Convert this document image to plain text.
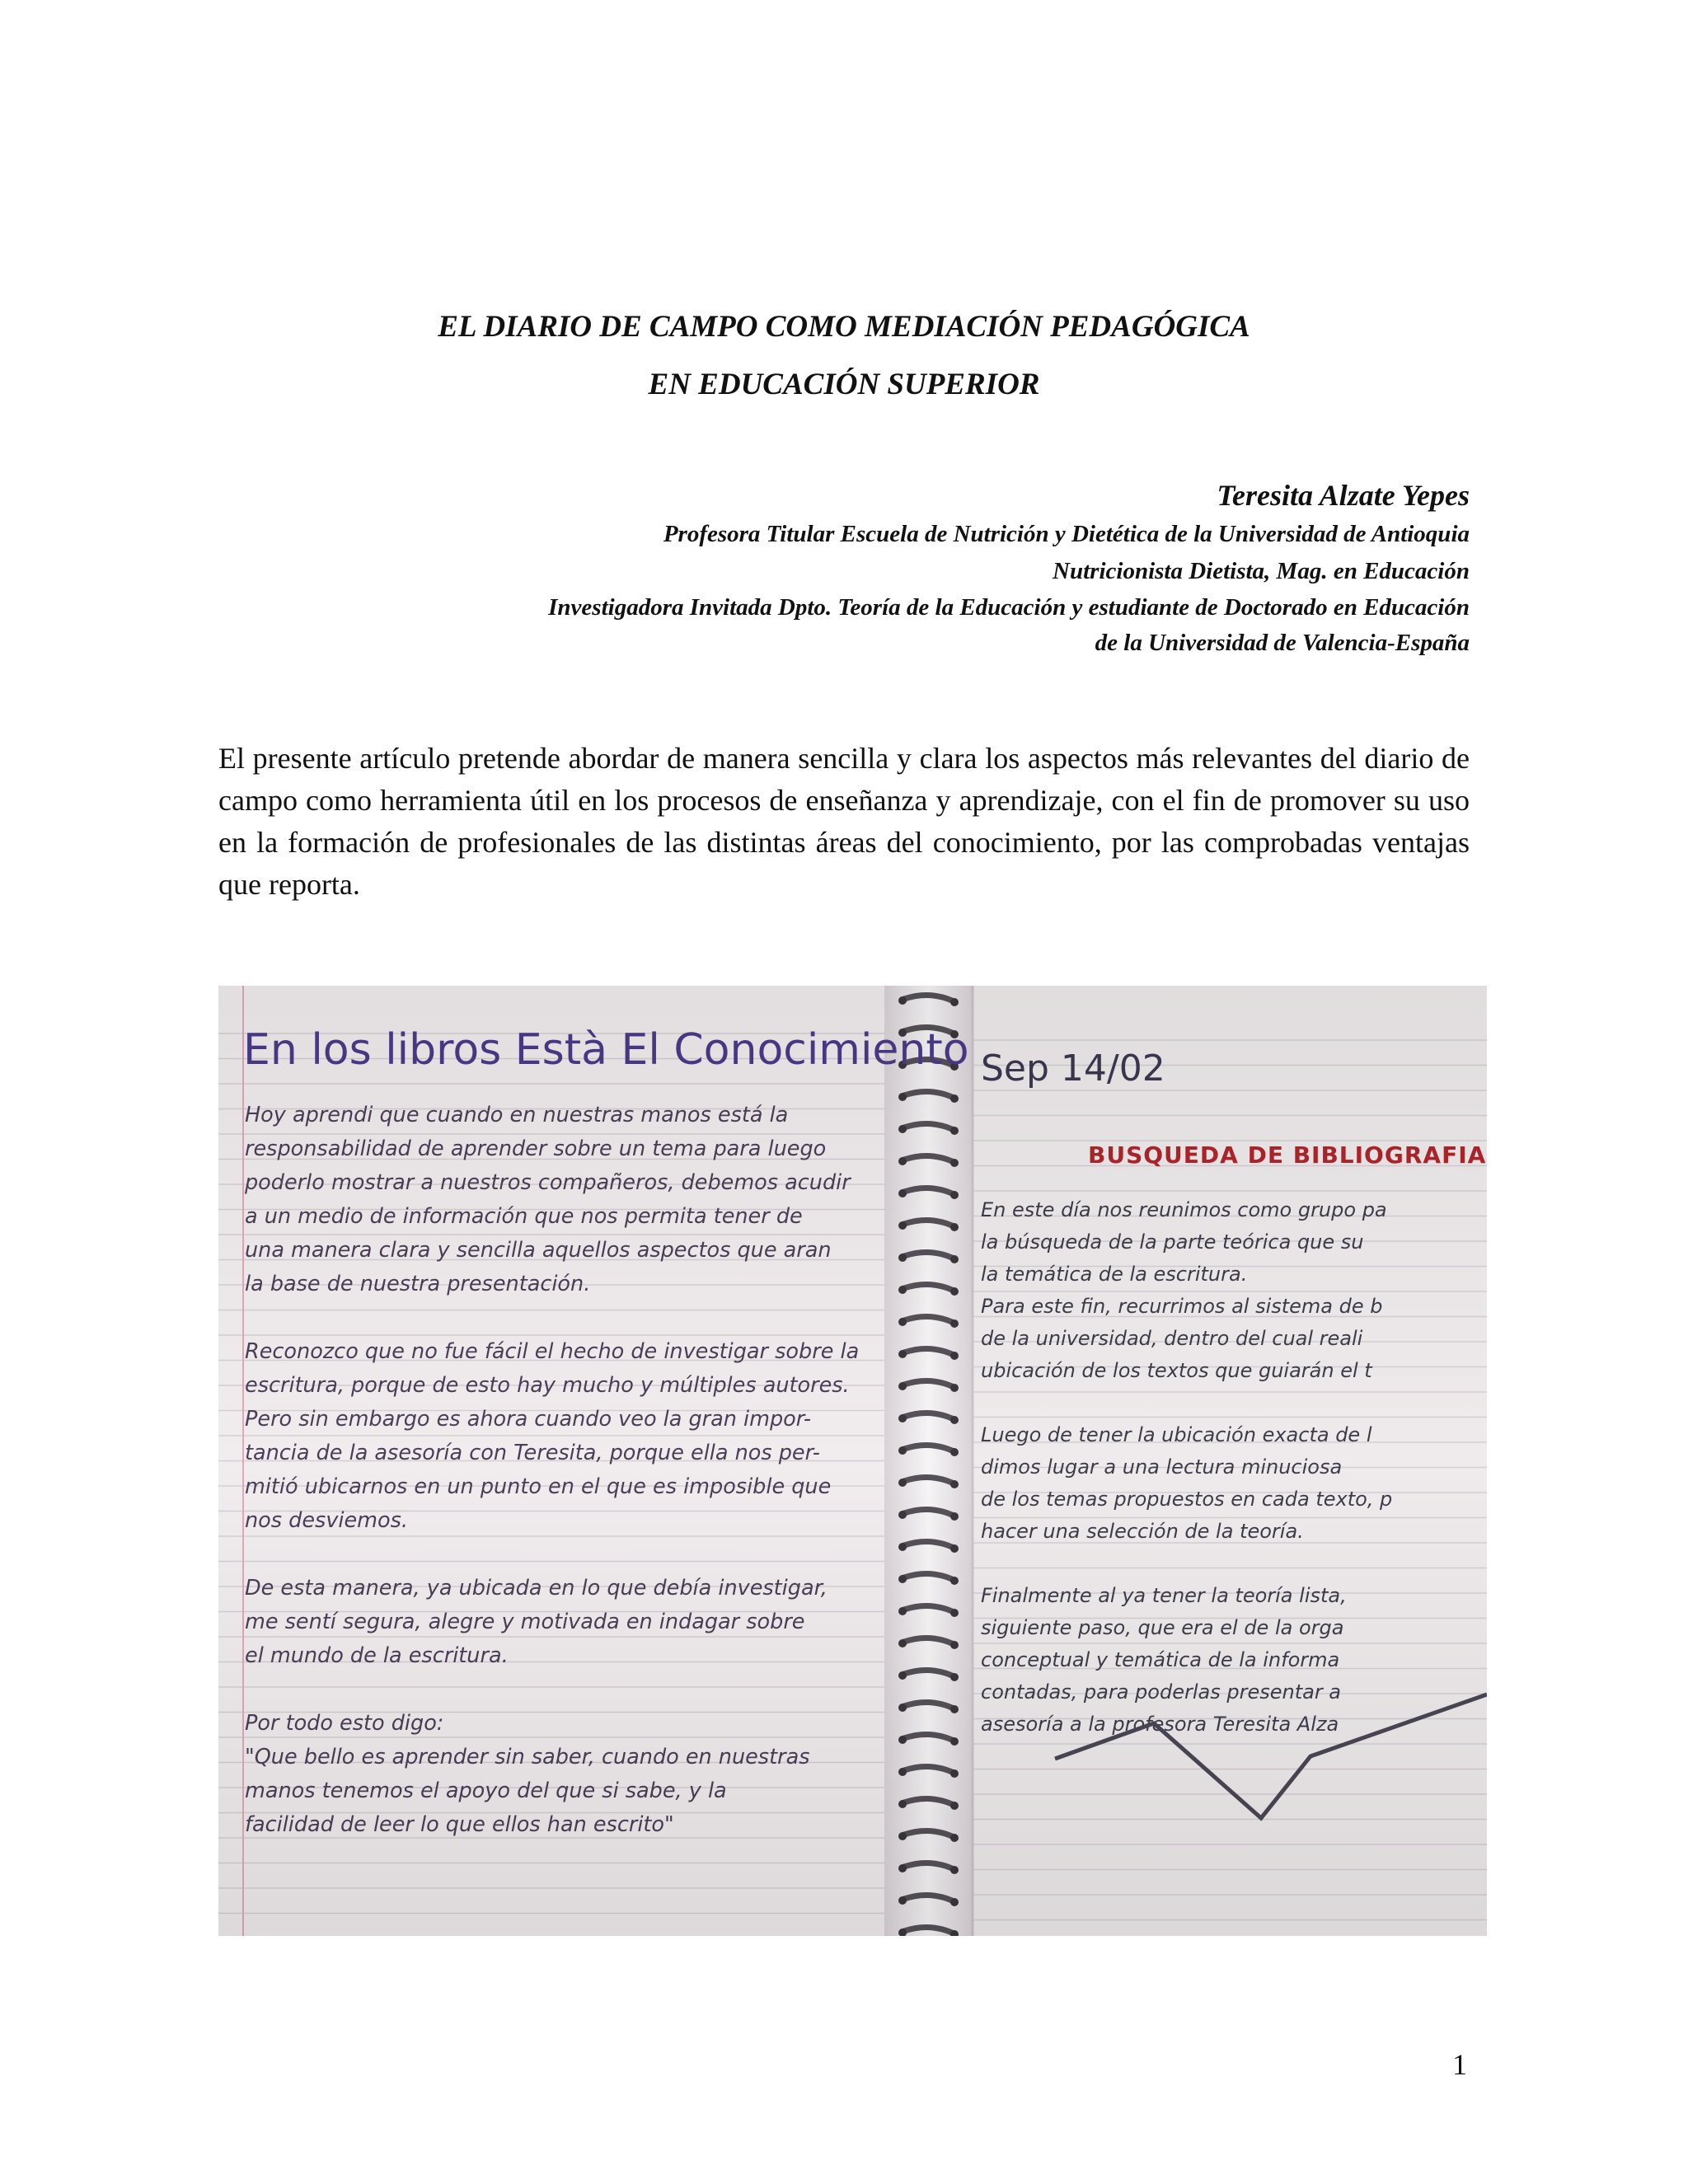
EL DIARIO DE CAMPO COMO MEDIACIÓN PEDAGÓGICA
EN EDUCACIÓN SUPERIOR
Teresita Alzate Yepes
Profesora Titular Escuela de Nutrición y Dietética de la Universidad de Antioquia
Nutricionista Dietista, Mag. en Educación
Investigadora Invitada Dpto. Teoría de la Educación y estudiante de Doctorado en Educación
de la Universidad de Valencia-España

El presente artículo pretende abordar de manera sencilla y clara los aspectos más relevantes del diario de campo como herramienta útil en los procesos de enseñanza y aprendizaje, con el fin de promover su uso en la formación de profesionales de las distintas áreas del conocimiento, por las comprobadas ventajas que reporta.

1
